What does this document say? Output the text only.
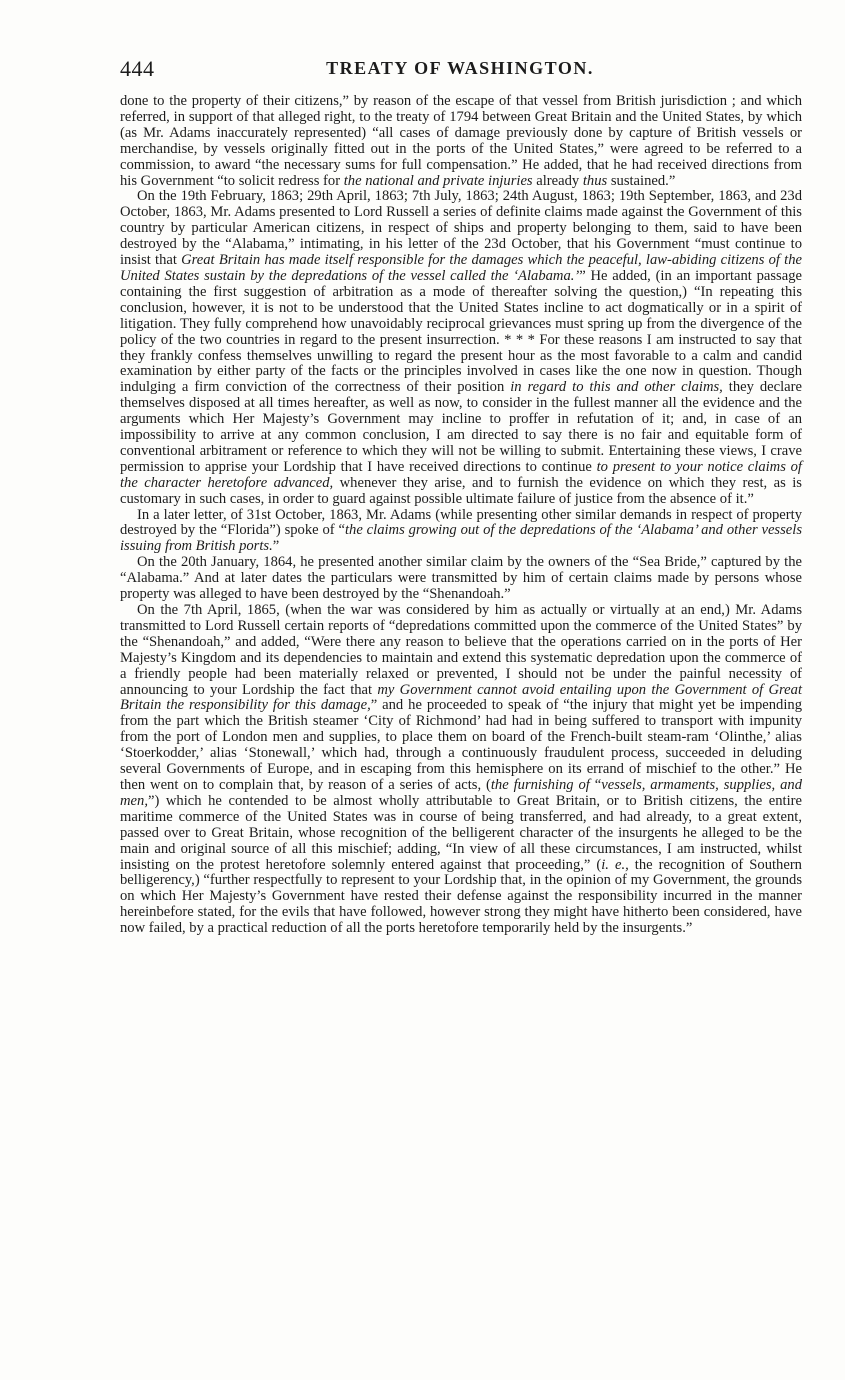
444	TREATY OF WASHINGTON.

done to the property of their citizens,” by reason of the escape of that vessel from British jurisdiction ; and which referred, in support of that alleged right, to the treaty of 1794 between Great Britain and the United States, by which (as Mr. Adams inaccurately represented) “all cases of damage previously done by capture of British vessels or merchandise, by vessels originally fitted out in the ports of the United States,” were agreed to be referred to a commission, to award “the necessary sums for full compensation.” He added, that he had received directions from his Government “to solicit redress for the national and private injuries already thus sustained.”

On the 19th February, 1863; 29th April, 1863; 7th July, 1863; 24th August, 1863; 19th September, 1863, and 23d October, 1863, Mr. Adams presented to Lord Russell a series of definite claims made against the Government of this country by particular American citizens, in respect of ships and property belonging to them, said to have been destroyed by the “Alabama,” intimating, in his letter of the 23d October, that his Government “must continue to insist that Great Britain has made itself responsible for the damages which the peaceful, law-abiding citizens of the United States sustain by the depredations of the vessel called the ‘Alabama.’” He added, (in an important passage containing the first suggestion of arbitration as a mode of thereafter solving the question,) “In repeating this conclusion, however, it is not to be understood that the United States incline to act dogmatically or in a spirit of litigation. They fully comprehend how unavoidably reciprocal grievances must spring up from the divergence of the policy of the two countries in regard to the present insurrection. * * * For these reasons I am instructed to say that they frankly confess themselves unwilling to regard the present hour as the most favorable to a calm and candid examination by either party of the facts or the principles involved in cases like the one now in question. Though indulging a firm conviction of the correctness of their position in regard to this and other claims, they declare themselves disposed at all times hereafter, as well as now, to consider in the fullest manner all the evidence and the arguments which Her Majesty’s Government may incline to proffer in refutation of it; and, in case of an impossibility to arrive at any common conclusion, I am directed to say there is no fair and equitable form of conventional arbitrament or reference to which they will not be willing to submit. Entertaining these views, I crave permission to apprise your Lordship that I have received directions to continue to present to your notice claims of the character heretofore advanced, whenever they arise, and to furnish the evidence on which they rest, as is customary in such cases, in order to guard against possible ultimate failure of justice from the absence of it.”

In a later letter, of 31st October, 1863, Mr. Adams (while presenting other similar demands in respect of property destroyed by the “Florida”) spoke of “the claims growing out of the depredations of the ‘Alabama’ and other vessels issuing from British ports.”

On the 20th January, 1864, he presented another similar claim by the owners of the “Sea Bride,” captured by the “Alabama.” And at later dates the particulars were transmitted by him of certain claims made by persons whose property was alleged to have been destroyed by the “Shenandoah.”

On the 7th April, 1865, (when the war was considered by him as actually or virtually at an end,) Mr. Adams transmitted to Lord Russell certain reports of “depredations committed upon the commerce of the United States” by the “Shenandoah,” and added, “Were there any reason to believe that the operations carried on in the ports of Her Majesty’s Kingdom and its dependencies to maintain and extend this systematic depredation upon the commerce of a friendly people had been materially relaxed or prevented, I should not be under the painful necessity of announcing to your Lordship the fact that my Government cannot avoid entailing upon the Government of Great Britain the responsibility for this damage,” and he proceeded to speak of “the injury that might yet be impending from the part which the British steamer ‘City of Richmond’ had had in being suffered to transport with impunity from the port of London men and supplies, to place them on board of the French-built steam-ram ‘Olinthe,’ alias ‘Stoerkodder,’ alias ‘Stonewall,’ which had, through a continuously fraudulent process, succeeded in deluding several Governments of Europe, and in escaping from this hemisphere on its errand of mischief to the other.” He then went on to complain that, by reason of a series of acts, (the furnishing of “vessels, armaments, supplies, and men,”) which he contended to be almost wholly attributable to Great Britain, or to British citizens, the entire maritime commerce of the United States was in course of being transferred, and had already, to a great extent, passed over to Great Britain, whose recognition of the belligerent character of the insurgents he alleged to be the main and original source of all this mischief; adding, “In view of all these circumstances, I am instructed, whilst insisting on the protest heretofore solemnly entered against that proceeding,” (i. e., the recognition of Southern belligerency,) “further respectfully to represent to your Lordship that, in the opinion of my Government, the grounds on which Her Majesty’s Government have rested their defense against the responsibility incurred in the manner hereinbefore stated, for the evils that have followed, however strong they might have hitherto been considered, have now failed, by a practical reduction of all the ports heretofore temporarily held by the insurgents.”
